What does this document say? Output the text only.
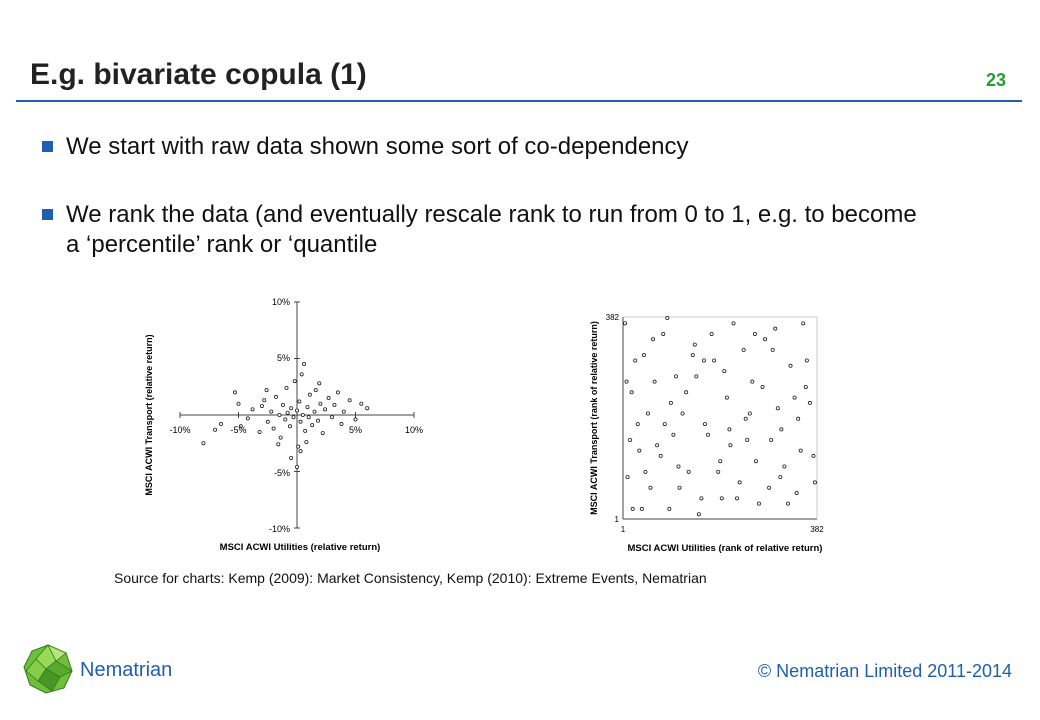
E.g. bivariate copula (1)	23
We start with raw data shown some sort of co-dependency
We rank the data (and eventually rescale rank to run from 0 to 1, e.g. to become a ‘percentile’ rank or ‘quantile
-10%	-5%	5%	10%
10%
5%
-5%
-10%
MSCI ACWI Utilities (relative return)
MSCI ACWI Transport (relative return)
1	382
382
1
MSCI ACWI Utilities (rank of relative return)
MSCI ACWI Transport (rank of relative return)
Source for charts: Kemp (2009): Market Consistency, Kemp (2010): Extreme Events, Nematrian
Nematrian	© Nematrian Limited 2011-2014
